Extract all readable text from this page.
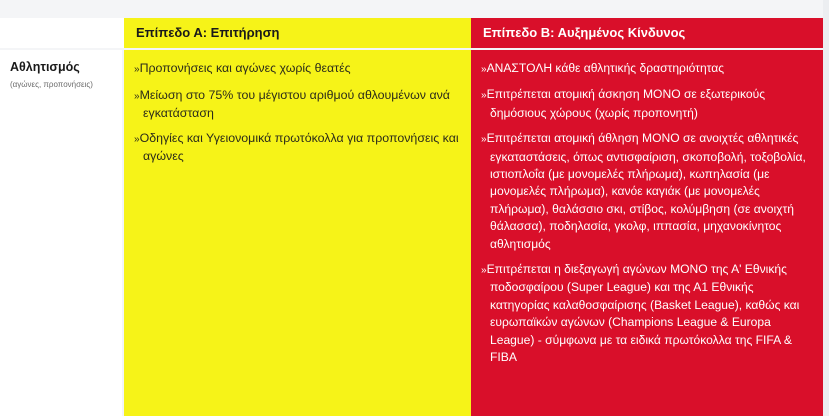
Επίπεδο Α: Επιτήρηση	Επίπεδο Β: Αυξημένος Κίνδυνος
Αθλητισμός
(αγώνες, προπονήσεις)
»Προπονήσεις και αγώνες χωρίς θεατές
»Μείωση στο 75% του μέγιστου αριθμού αθλουμένων ανά εγκατάσταση
»Οδηγίες και Υγειονομικά πρωτόκολλα για προπονήσεις και αγώνες
»ΑΝΑΣΤΟΛΗ κάθε αθλητικής δραστηριότητας
»Επιτρέπεται ατομική άσκηση ΜΟΝΟ σε εξωτερικούς δημόσιους χώρους (χωρίς προπονητή)
»Επιτρέπεται ατομική άθληση ΜΟΝΟ σε ανοιχτές αθλητικές εγκαταστάσεις, όπως αντισφαίριση, σκοποβολή, τοξοβολία, ιστιοπλοΐα (με μονομελές πλήρωμα), κωπηλασία (με μονομελές πλήρωμα), κανόε καγιάκ (με μονομελές πλήρωμα), θαλάσσιο σκι, στίβος, κολύμβηση (σε ανοιχτή θάλασσα), ποδηλασία, γκολφ, ιππασία, μηχανοκίνητος αθλητισμός
»Επιτρέπεται η διεξαγωγή αγώνων ΜΟΝΟ της Α' Εθνικής ποδοσφαίρου (Super League) και της Α1 Εθνικής κατηγορίας καλαθοσφαίρισης (Basket League), καθώς και ευρωπαϊκών αγώνων (Champions League & Europa League) - σύμφωνα με τα ειδικά πρωτόκολλα της FIFA & FIBA
